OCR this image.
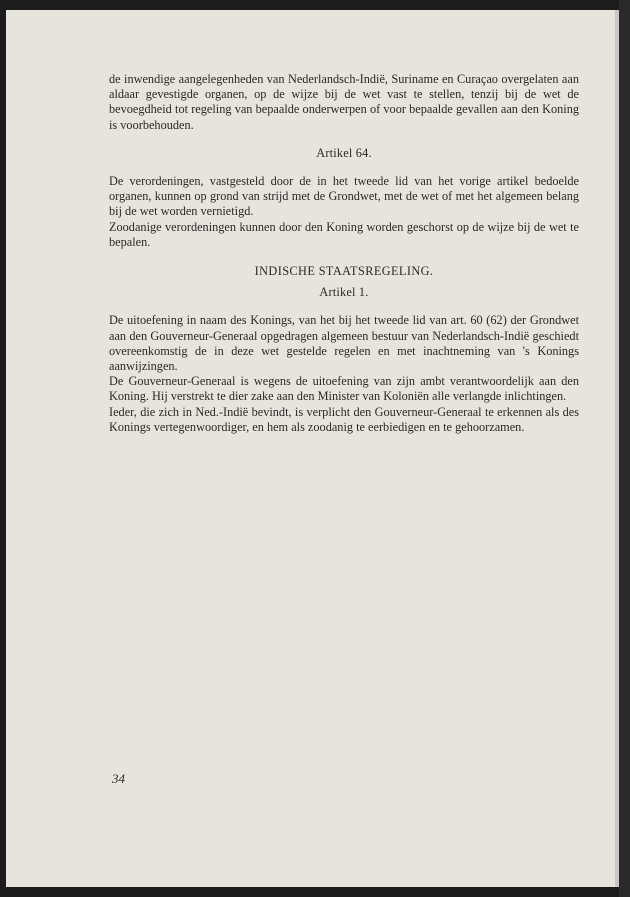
de inwendige aangelegenheden van Nederlandsch-Indië, Suriname en Curaçao overgelaten aan aldaar gevestigde organen, op de wijze bij de wet vast te stellen, tenzij bij de wet de bevoegdheid tot regeling van bepaalde onderwerpen of voor bepaalde gevallen aan den Koning is voorbehouden.

Artikel 64.

De verordeningen, vastgesteld door de in het tweede lid van het vorige artikel bedoelde organen, kunnen op grond van strijd met de Grondwet, met de wet of met het algemeen belang bij de wet worden vernietigd.

Zoodanige verordeningen kunnen door den Koning worden geschorst op de wijze bij de wet te bepalen.

INDISCHE STAATSREGELING.

Artikel 1.

De uitoefening in naam des Konings, van het bij het tweede lid van art. 60 (62) der Grondwet aan den Gouverneur-Generaal opgedragen algemeen bestuur van Nederlandsch-Indië geschiedt overeenkomstig de in deze wet gestelde regelen en met inachtneming van 's Konings aanwijzingen.

De Gouverneur-Generaal is wegens de uitoefening van zijn ambt verantwoordelijk aan den Koning. Hij verstrekt te dier zake aan den Minister van Koloniën alle verlangde inlichtingen.

Ieder, die zich in Ned.-Indië bevindt, is verplicht den Gouverneur-Generaal te erkennen als des Konings vertegenwoordiger, en hem als zoodanig te eerbiedigen en te gehoorzamen.

34
